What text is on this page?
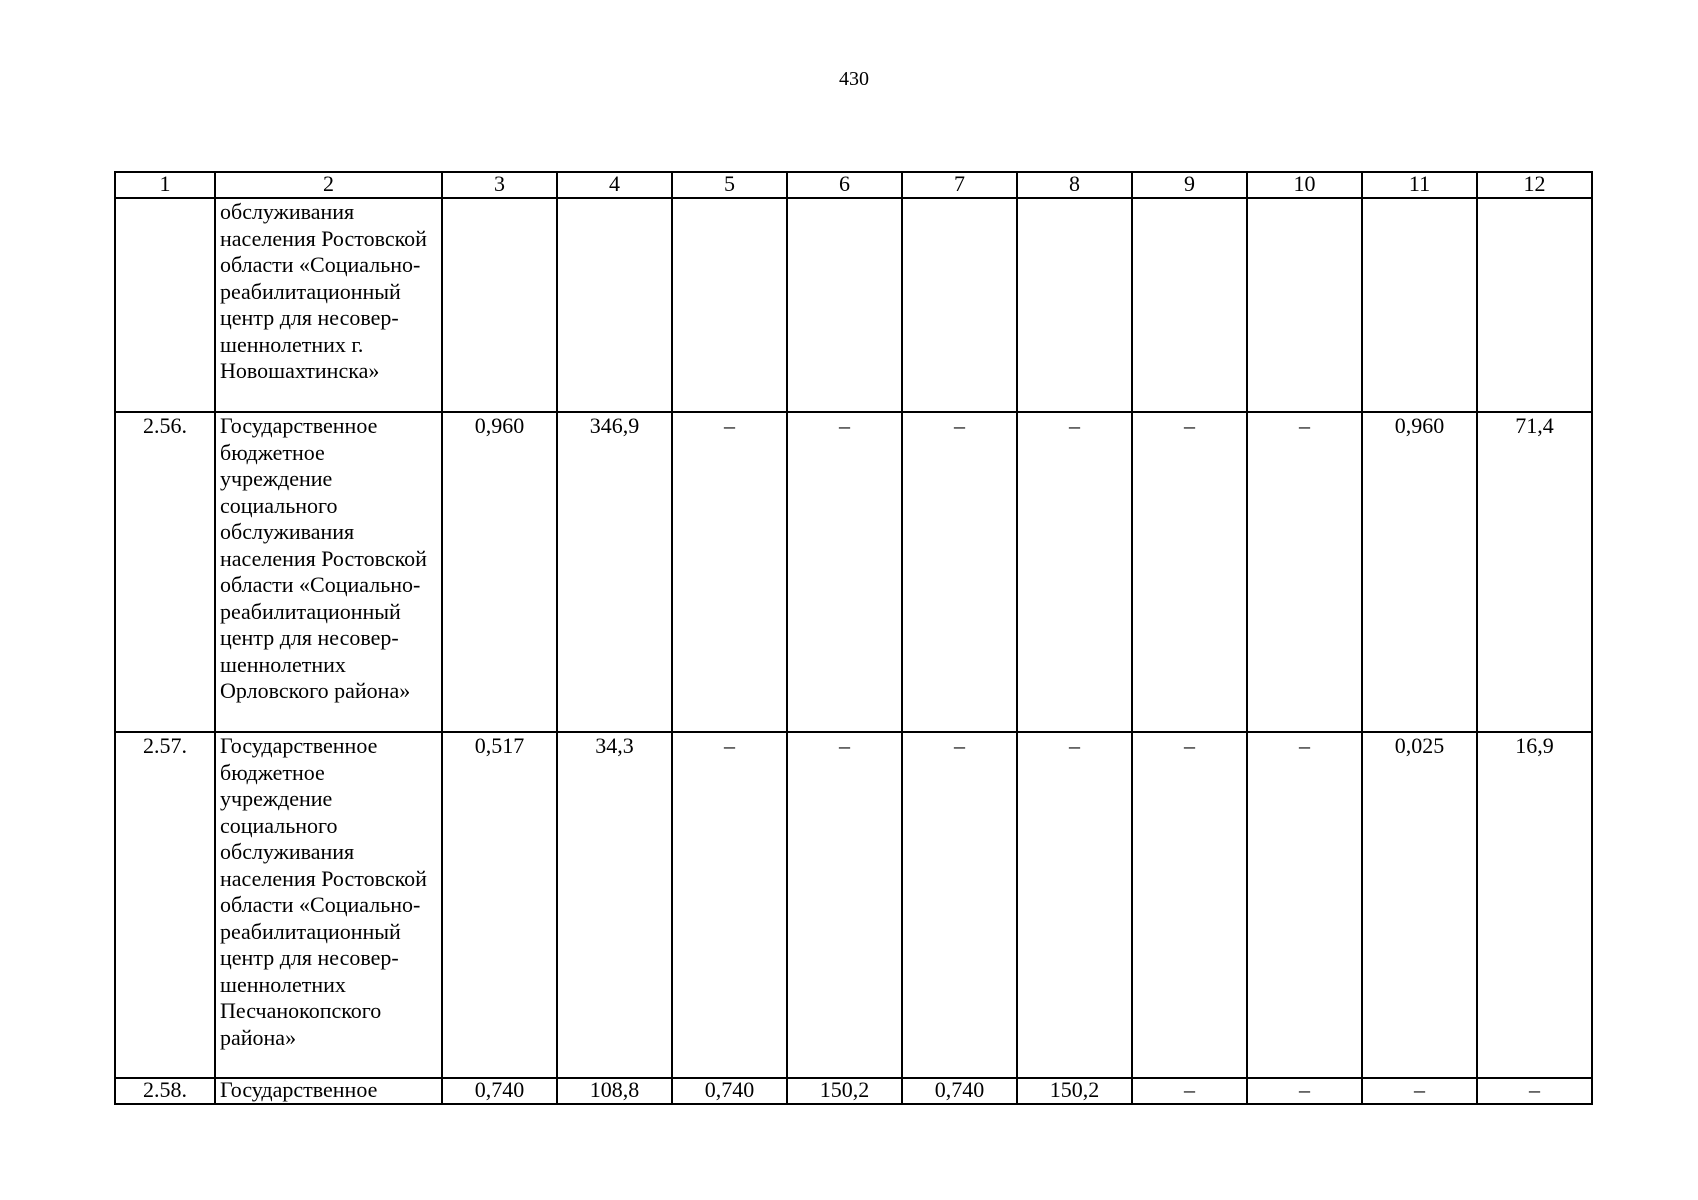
430
1	2	3	4	5	6	7	8	9	10	11	12
	обслуживания населения Ростовской области «Социально-реабилитационный центр для несовер-шеннолетних г. Новошахтинска»										
2.56.	Государственное бюджетное учреждение социального обслуживания населения Ростовской области «Социально-реабилитационный центр для несовер-шеннолетних Орловского района»	0,960	346,9	–	–	–	–	–	–	0,960	71,4
2.57.	Государственное бюджетное учреждение социального обслуживания населения Ростовской области «Социально-реабилитационный центр для несовер-шеннолетних Песчанокопского района»	0,517	34,3	–	–	–	–	–	–	0,025	16,9
2.58.	Государственное	0,740	108,8	0,740	150,2	0,740	150,2	–	–	–	–
